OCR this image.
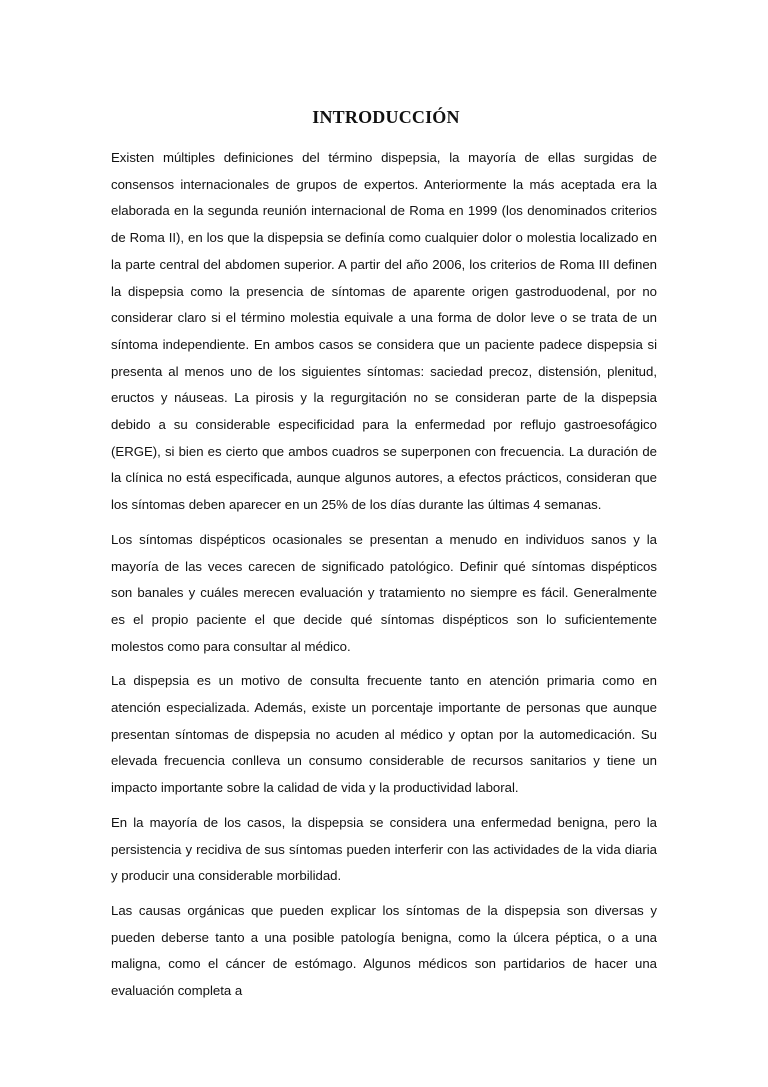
INTRODUCCIÓN

Existen múltiples definiciones del término dispepsia, la mayoría de ellas surgidas de consensos internacionales de grupos de expertos. Anteriormente la más aceptada era la elaborada en la segunda reunión internacional de Roma en 1999 (los denominados criterios de Roma II), en los que la dispepsia se definía como cualquier dolor o molestia localizado en la parte central del abdomen superior. A partir del año 2006, los criterios de Roma III definen la dispepsia como la presencia de síntomas de aparente origen gastroduodenal, por no considerar claro si el término molestia equivale a una forma de dolor leve o se trata de un síntoma independiente. En ambos casos se considera que un paciente padece dispepsia si presenta al menos uno de los siguientes síntomas: saciedad precoz, distensión, plenitud, eructos y náuseas. La pirosis y la regurgitación no se consideran parte de la dispepsia debido a su considerable especificidad para la enfermedad por reflujo gastroesofágico (ERGE), si bien es cierto que ambos cuadros se superponen con frecuencia. La duración de la clínica no está especificada, aunque algunos autores, a efectos prácticos, consideran que los síntomas deben aparecer en un 25% de los días durante las últimas 4 semanas.

Los síntomas dispépticos ocasionales se presentan a menudo en individuos sanos y la mayoría de las veces carecen de significado patológico. Definir qué síntomas dispépticos son banales y cuáles merecen evaluación y tratamiento no siempre es fácil. Generalmente es el propio paciente el que decide qué síntomas dispépticos son lo suficientemente molestos como para consultar al médico.

La dispepsia es un motivo de consulta frecuente tanto en atención primaria como en atención especializada. Además, existe un porcentaje importante de personas que aunque presentan síntomas de dispepsia no acuden al médico y optan por la automedicación. Su elevada frecuencia conlleva un consumo considerable de recursos sanitarios y tiene un impacto importante sobre la calidad de vida y la productividad laboral.

En la mayoría de los casos, la dispepsia se considera una enfermedad benigna, pero la persistencia y recidiva de sus síntomas pueden interferir con las actividades de la vida diaria y producir una considerable morbilidad.

Las causas orgánicas que pueden explicar los síntomas de la dispepsia son diversas y pueden deberse tanto a una posible patología benigna, como la úlcera péptica, o a una maligna, como el cáncer de estómago. Algunos médicos son partidarios de hacer una evaluación completa a
